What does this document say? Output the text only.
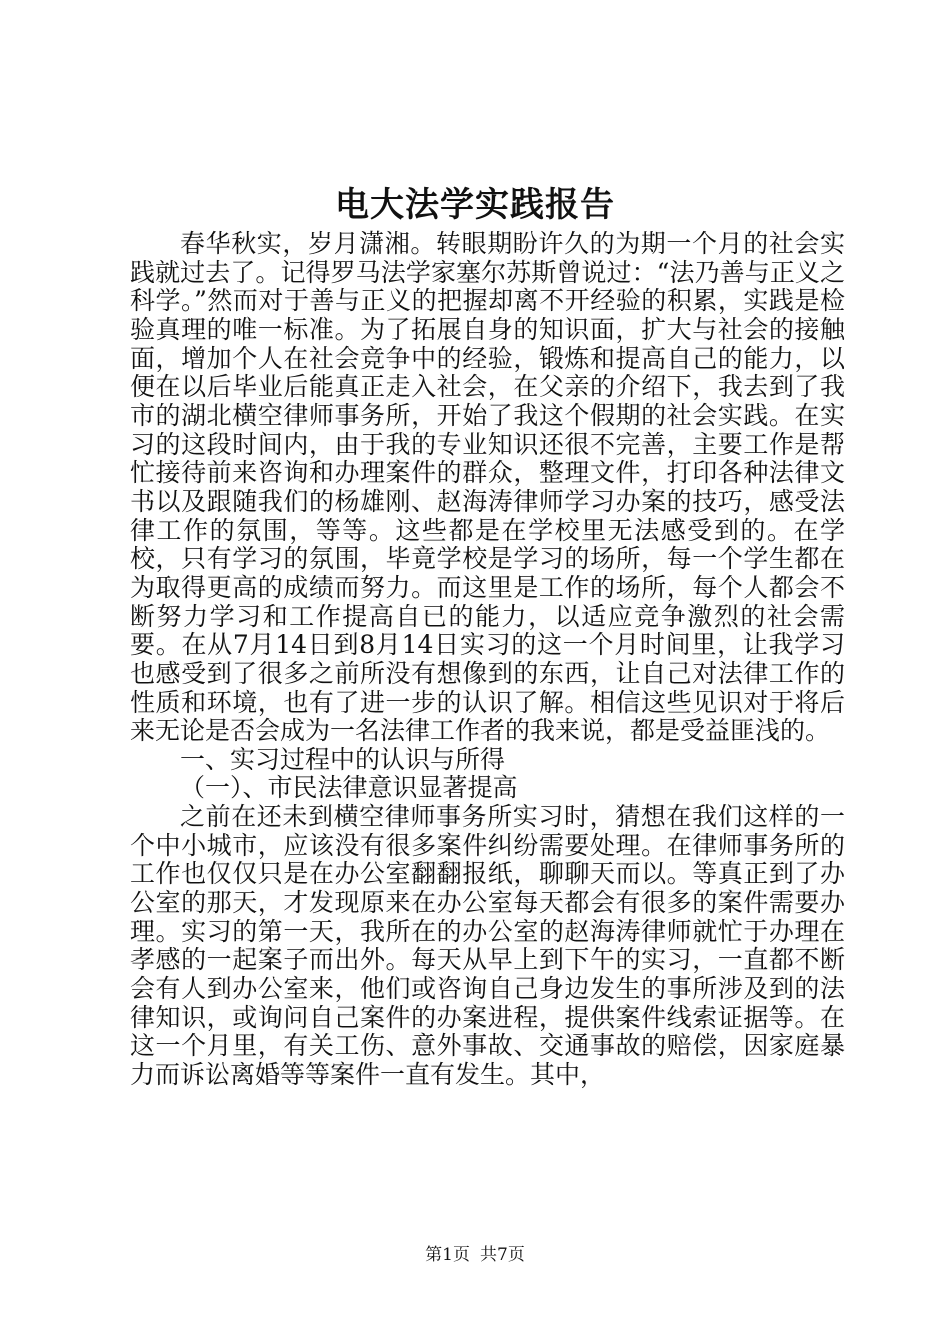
电大法学实践报告

春华秋实，岁月潇湘。转眼期盼许久的为期一个月的社会实践就过去了。记得罗马法学家塞尔苏斯曾说过：“法乃善与正义之科学。”然而对于善与正义的把握却离不开经验的积累，实践是检验真理的唯一标准。为了拓展自身的知识面，扩大与社会的接触面，增加个人在社会竞争中的经验，锻炼和提高自己的能力，以便在以后毕业后能真正走入社会，在父亲的介绍下，我去到了我市的湖北横空律师事务所，开始了我这个假期的社会实践。在实习的这段时间内，由于我的专业知识还很不完善，主要工作是帮忙接待前来咨询和办理案件的群众，整理文件，打印各种法律文书以及跟随我们的杨雄刚、赵海涛律师学习办案的技巧，感受法律工作的氛围，等等。这些都是在学校里无法感受到的。在学校，只有学习的氛围，毕竟学校是学习的场所，每一个学生都在为取得更高的成绩而努力。而这里是工作的场所，每个人都会不断努力学习和工作提高自已的能力，以适应竞争激烈的社会需要。在从7月14日到8月14日实习的这一个月时间里，让我学习也感受到了很多之前所没有想像到的东西，让自己对法律工作的性质和环境，也有了进一步的认识了解。相信这些见识对于将后来无论是否会成为一名法律工作者的我来说，都是受益匪浅的。

一、实习过程中的认识与所得

（一）、市民法律意识显著提高

之前在还未到横空律师事务所实习时，猜想在我们这样的一个中小城市，应该没有很多案件纠纷需要处理。在律师事务所的工作也仅仅只是在办公室翻翻报纸，聊聊天而以。等真正到了办公室的那天，才发现原来在办公室每天都会有很多的案件需要办理。实习的第一天，我所在的办公室的赵海涛律师就忙于办理在孝感的一起案子而出外。每天从早上到下午的实习，一直都不断会有人到办公室来，他们或咨询自己身边发生的事所涉及到的法律知识，或询问自己案件的办案进程，提供案件线索证据等。在这一个月里，有关工伤、意外事故、交通事故的赔偿，因家庭暴力而诉讼离婚等等案件一直有发生。其中，

第1页 共7页
